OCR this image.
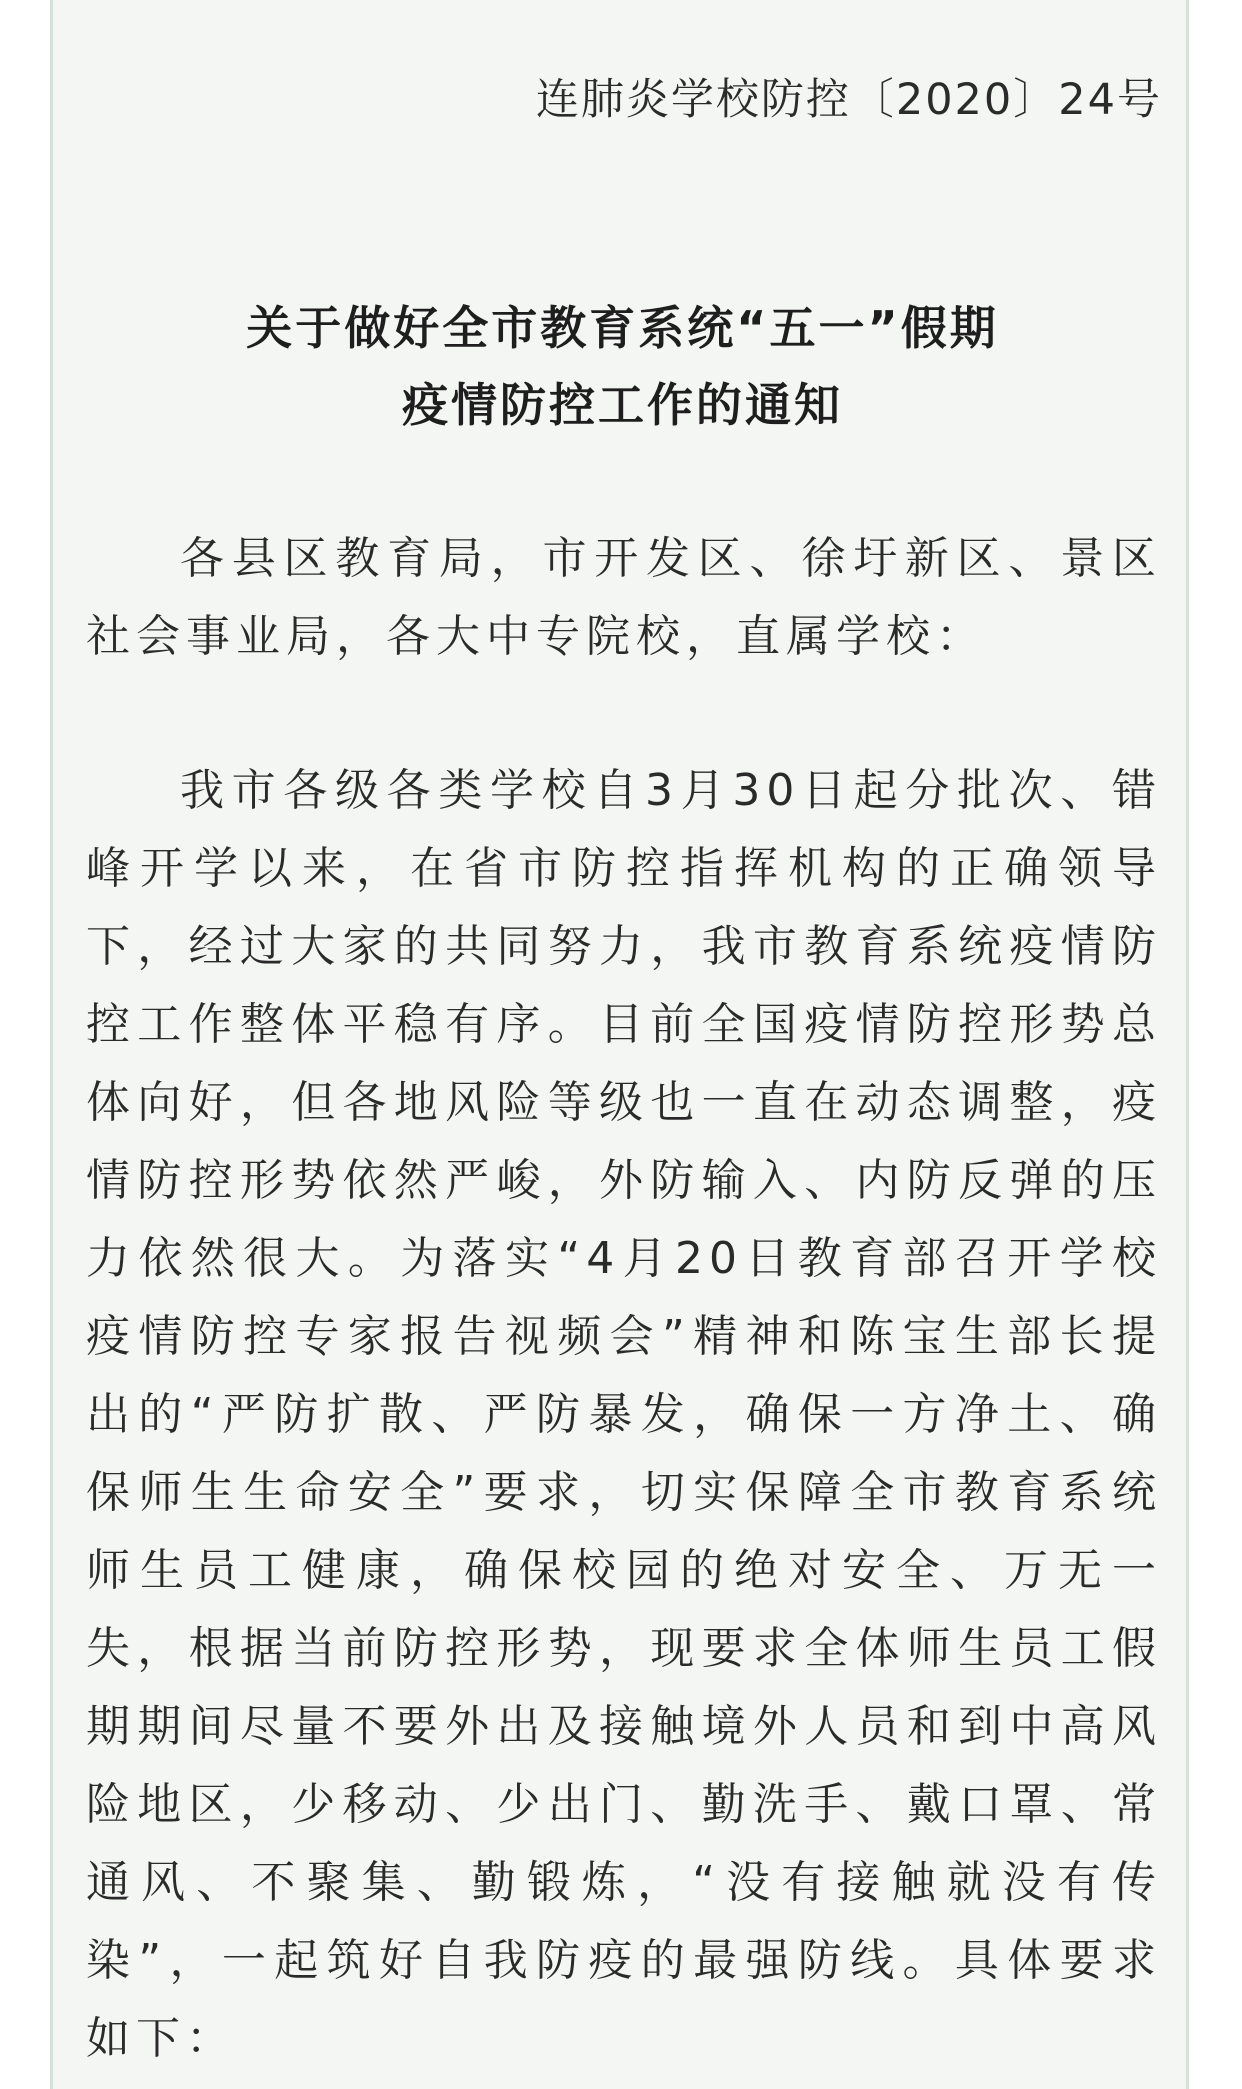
连肺炎学校防控〔2020〕24号
关于做好全市教育系统“五一”假期
疫情防控工作的通知

各县区教育局，市开发区、徐圩新区、景区社会事业局，各大中专院校，直属学校：

我市各级各类学校自3月30日起分批次、错峰开学以来，在省市防控指挥机构的正确领导下，经过大家的共同努力，我市教育系统疫情防控工作整体平稳有序。目前全国疫情防控形势总体向好，但各地风险等级也一直在动态调整，疫情防控形势依然严峻，外防输入、内防反弹的压力依然很大。为落实“4月20日教育部召开学校疫情防控专家报告视频会”精神和陈宝生部长提出的“严防扩散、严防暴发，确保一方净土、确保师生生命安全”要求，切实保障全市教育系统师生员工健康，确保校园的绝对安全、万无一失，根据当前防控形势，现要求全体师生员工假期期间尽量不要外出及接触境外人员和到中高风险地区，少移动、少出门、勤洗手、戴口罩、常通风、不聚集、勤锻炼，“没有接触就没有传染”，一起筑好自我防疫的最强防线。具体要求如下：
